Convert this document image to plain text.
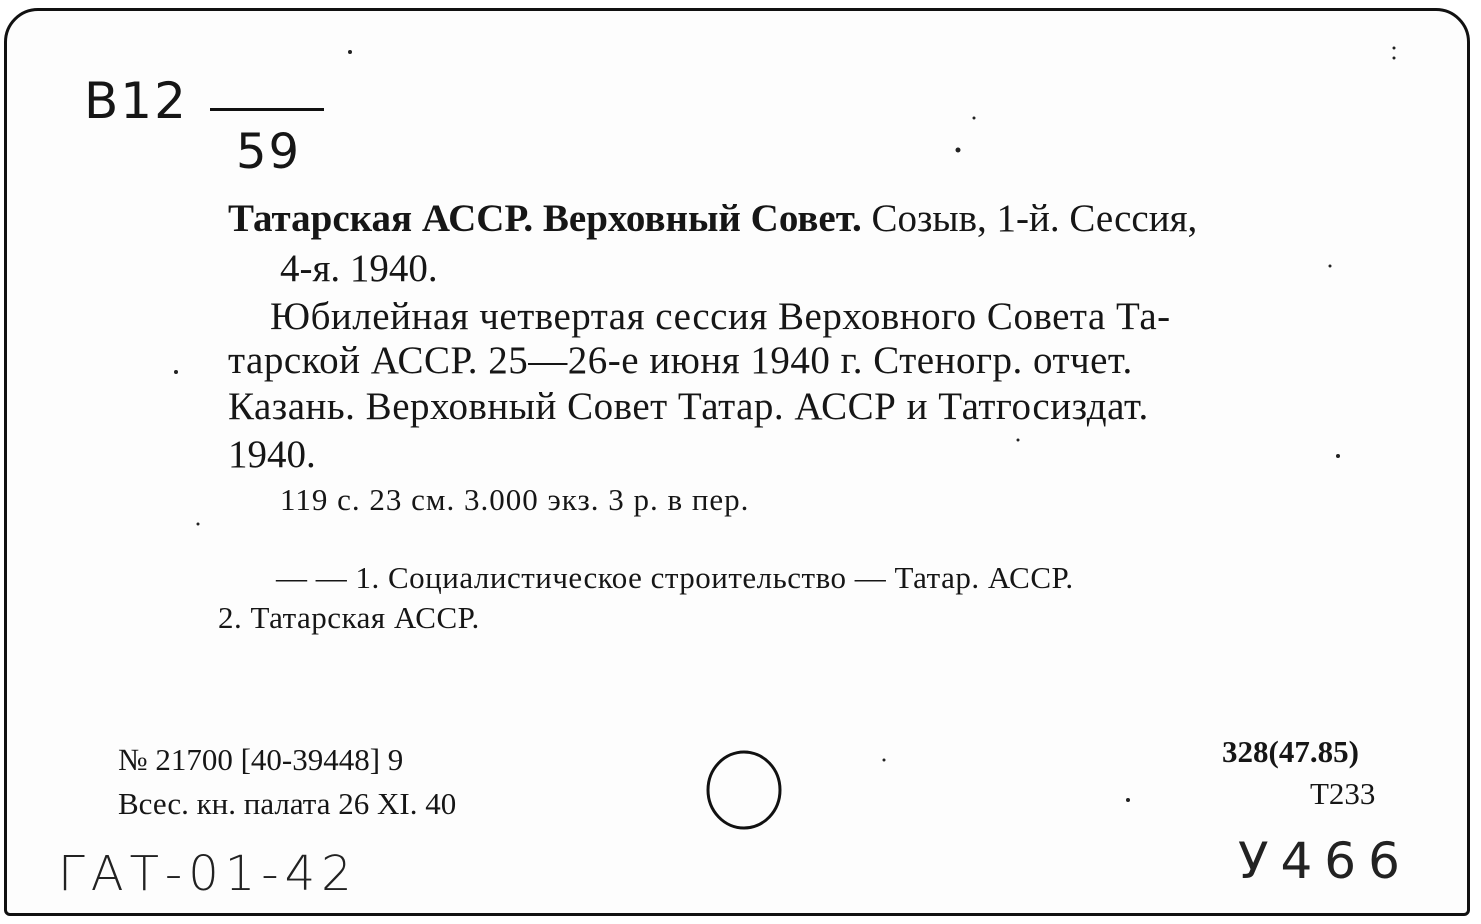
B12
59
Татарская АССР. Верховный Совет. Созыв, 1-й. Сессия,
4-я. 1940.
Юбилейная четвертая сессия Верховного Совета Та-
тарской АССР. 25—26-е июня 1940 г. Стеногр. отчет.
Казань. Верховный Совет Татар. АССР и Татгосиздат.
1940.
119 с. 23 см. 3.000 экз. 3 р. в пер.
— — 1. Социалистическое строительство — Татар. АССР.
2. Татарская АССР.
№ 21700 [40-39448] 9
Всес. кн. палата 26 XI. 40
328(47.85)
Т233
ГАТ-01-42	У466
